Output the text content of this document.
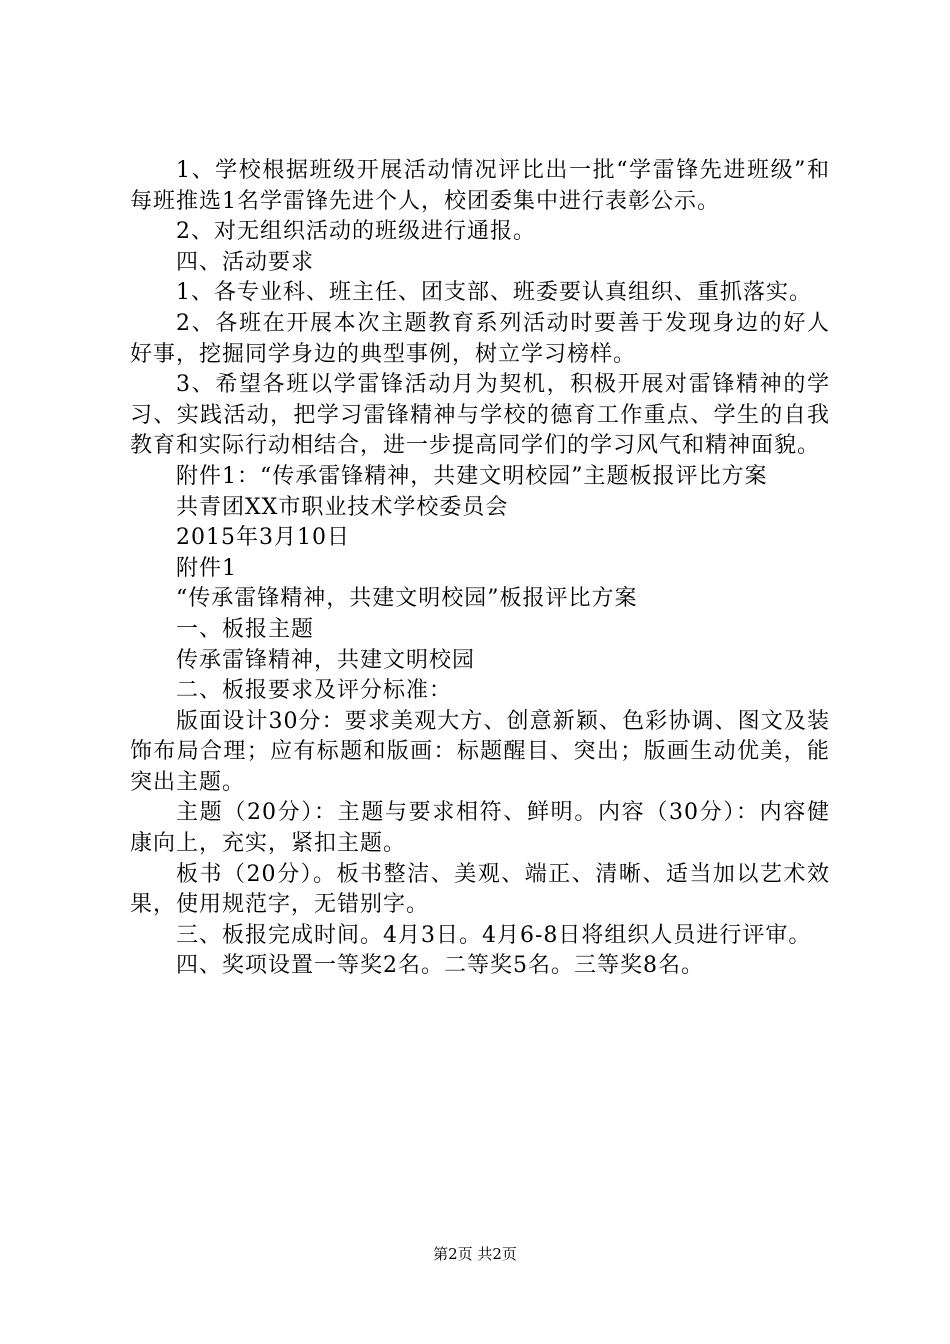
1、学校根据班级开展活动情况评比出一批“学雷锋先进班级”和每班推选1名学雷锋先进个人，校团委集中进行表彰公示。

2、对无组织活动的班级进行通报。

四、活动要求

1、各专业科、班主任、团支部、班委要认真组织、重抓落实。

2、各班在开展本次主题教育系列活动时要善于发现身边的好人好事，挖掘同学身边的典型事例，树立学习榜样。

3、希望各班以学雷锋活动月为契机，积极开展对雷锋精神的学习、实践活动，把学习雷锋精神与学校的德育工作重点、学生的自我教育和实际行动相结合，进一步提高同学们的学习风气和精神面貌。

附件1：“传承雷锋精神，共建文明校园”主题板报评比方案

共青团XX市职业技术学校委员会

2015年3月10日

附件1

“传承雷锋精神，共建文明校园”板报评比方案

一、板报主题

传承雷锋精神，共建文明校园

二、板报要求及评分标准：

版面设计30分：要求美观大方、创意新颖、色彩协调、图文及装饰布局合理；应有标题和版画：标题醒目、突出；版画生动优美，能突出主题。

主题（20分）：主题与要求相符、鲜明。内容（30分）：内容健康向上，充实，紧扣主题。

板书（20分）。板书整洁、美观、端正、清晰、适当加以艺术效果，使用规范字，无错别字。

三、板报完成时间。4月3日。4月6-8日将组织人员进行评审。

四、奖项设置一等奖2名。二等奖5名。三等奖8名。

第2页 共2页
